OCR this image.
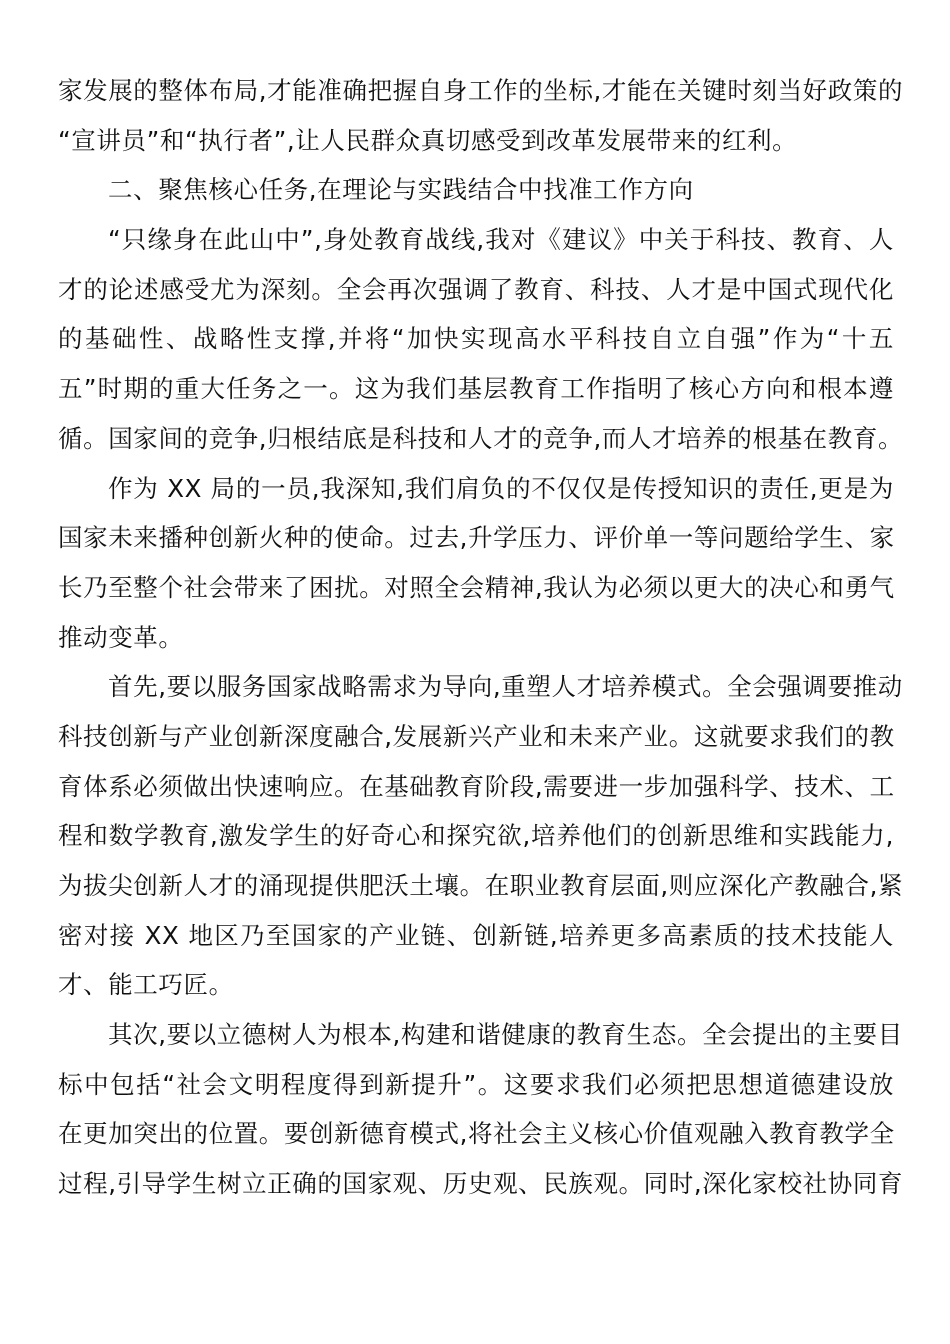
家发展的整体布局,才能准确把握自身工作的坐标,才能在关键时刻当好政策的
“宣讲员”和“执行者”,让人民群众真切感受到改革发展带来的红利。
二、聚焦核心任务,在理论与实践结合中找准工作方向
“只缘身在此山中”,身处教育战线,我对《建议》中关于科技、教育、人
才的论述感受尤为深刻。全会再次强调了教育、科技、人才是中国式现代化
的基础性、战略性支撑,并将“加快实现高水平科技自立自强”作为“十五
五”时期的重大任务之一。这为我们基层教育工作指明了核心方向和根本遵
循。国家间的竞争,归根结底是科技和人才的竞争,而人才培养的根基在教育。
作为 XX 局的一员,我深知,我们肩负的不仅仅是传授知识的责任,更是为
国家未来播种创新火种的使命。过去,升学压力、评价单一等问题给学生、家
长乃至整个社会带来了困扰。对照全会精神,我认为必须以更大的决心和勇气
推动变革。
首先,要以服务国家战略需求为导向,重塑人才培养模式。全会强调要推动
科技创新与产业创新深度融合,发展新兴产业和未来产业。这就要求我们的教
育体系必须做出快速响应。在基础教育阶段,需要进一步加强科学、技术、工
程和数学教育,激发学生的好奇心和探究欲,培养他们的创新思维和实践能力,
为拔尖创新人才的涌现提供肥沃土壤。在职业教育层面,则应深化产教融合,紧
密对接 XX 地区乃至国家的产业链、创新链,培养更多高素质的技术技能人
才、能工巧匠。
其次,要以立德树人为根本,构建和谐健康的教育生态。全会提出的主要目
标中包括“社会文明程度得到新提升”。这要求我们必须把思想道德建设放
在更加突出的位置。要创新德育模式,将社会主义核心价值观融入教育教学全
过程,引导学生树立正确的国家观、历史观、民族观。同时,深化家校社协同育
